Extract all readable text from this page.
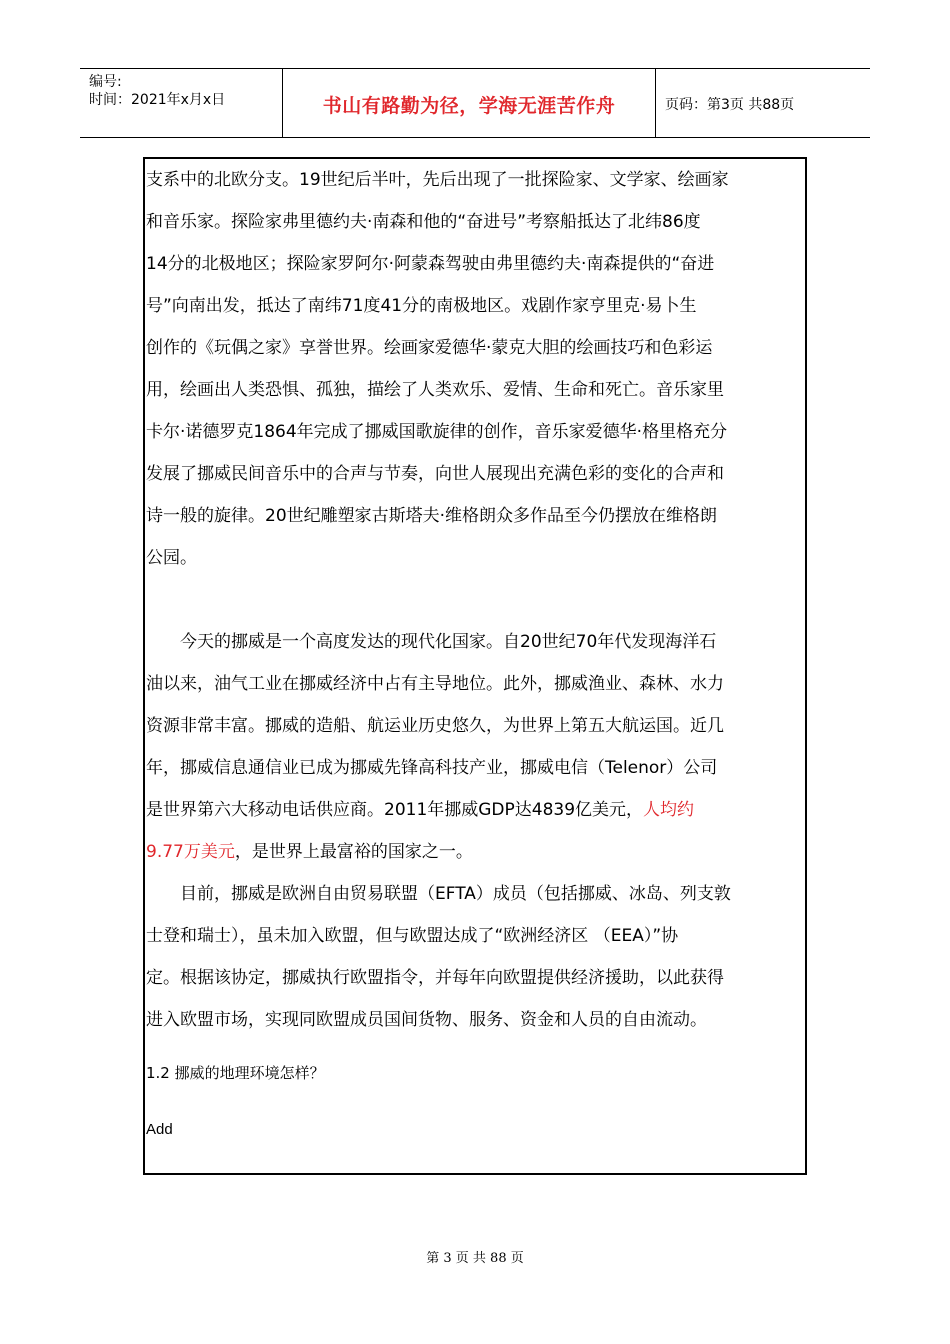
编号:
时间：2021年x月x日	书山有路勤为径，学海无涯苦作舟	页码：第3页 共88页
支系中的北欧分支。19世纪后半叶，先后出现了一批探险家、文学家、绘画家
和音乐家。探险家弗里德约夫·南森和他的“奋进号”考察船抵达了北纬86度
14分的北极地区；探险家罗阿尔·阿蒙森驾驶由弗里德约夫·南森提供的“奋进
号”向南出发，抵达了南纬71度41分的南极地区。戏剧作家亨里克·易卜生
创作的《玩偶之家》享誉世界。绘画家爱德华·蒙克大胆的绘画技巧和色彩运
用，绘画出人类恐惧、孤独，描绘了人类欢乐、爱情、生命和死亡。音乐家里
卡尔·诺德罗克1864年完成了挪威国歌旋律的创作，音乐家爱德华·格里格充分
发展了挪威民间音乐中的合声与节奏，向世人展现出充满色彩的变化的合声和
诗一般的旋律。20世纪雕塑家古斯塔夫·维格朗众多作品至今仍摆放在维格朗
公园。
今天的挪威是一个高度发达的现代化国家。自20世纪70年代发现海洋石
油以来，油气工业在挪威经济中占有主导地位。此外，挪威渔业、森林、水力
资源非常丰富。挪威的造船、航运业历史悠久，为世界上第五大航运国。近几
年，挪威信息通信业已成为挪威先锋高科技产业，挪威电信（Telenor）公司
是世界第六大移动电话供应商。2011年挪威GDP达4839亿美元，人均约
9.77万美元，是世界上最富裕的国家之一。
目前，挪威是欧洲自由贸易联盟（EFTA）成员（包括挪威、冰岛、列支敦
士登和瑞士），虽未加入欧盟，但与欧盟达成了“欧洲经济区 （EEA）”协
定。根据该协定，挪威执行欧盟指令，并每年向欧盟提供经济援助，以此获得
进入欧盟市场，实现同欧盟成员国间货物、服务、资金和人员的自由流动。
1.2 挪威的地理环境怎样？
Add
第 3 页 共 88 页
